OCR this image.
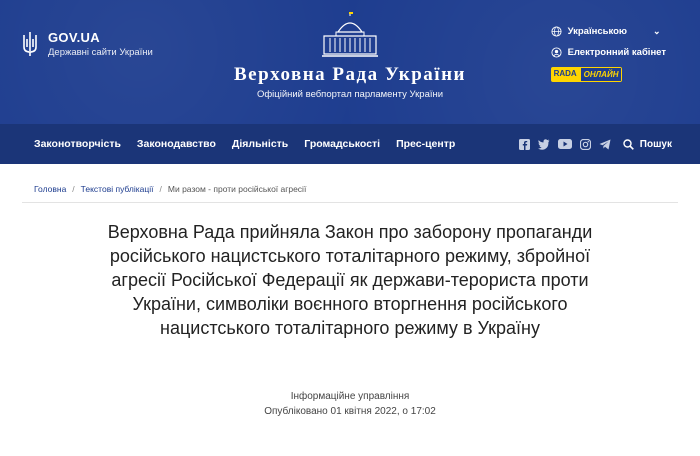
GOV.UA
Державні сайти України
Верховна Рада України
Офіційний вебпортал парламенту України
Українською	⌄
Електронний кабінет
RADA ОНЛАЙН
Законотворчість Законодавство Діяльність Громадськості Прес-центр	Пошук
Головна / Текстові публікації / Ми разом - проти російської агресії
Верховна Рада прийняла Закон про заборону пропаганди російського нацистського тоталітарного режиму, збройної агресії Російської Федерації як держави-терориста проти України, символіки воєнного вторгнення російського нацистського тоталітарного режиму в Україну
Інформаційне управління
Опубліковано 01 квітня 2022, о 17:02
